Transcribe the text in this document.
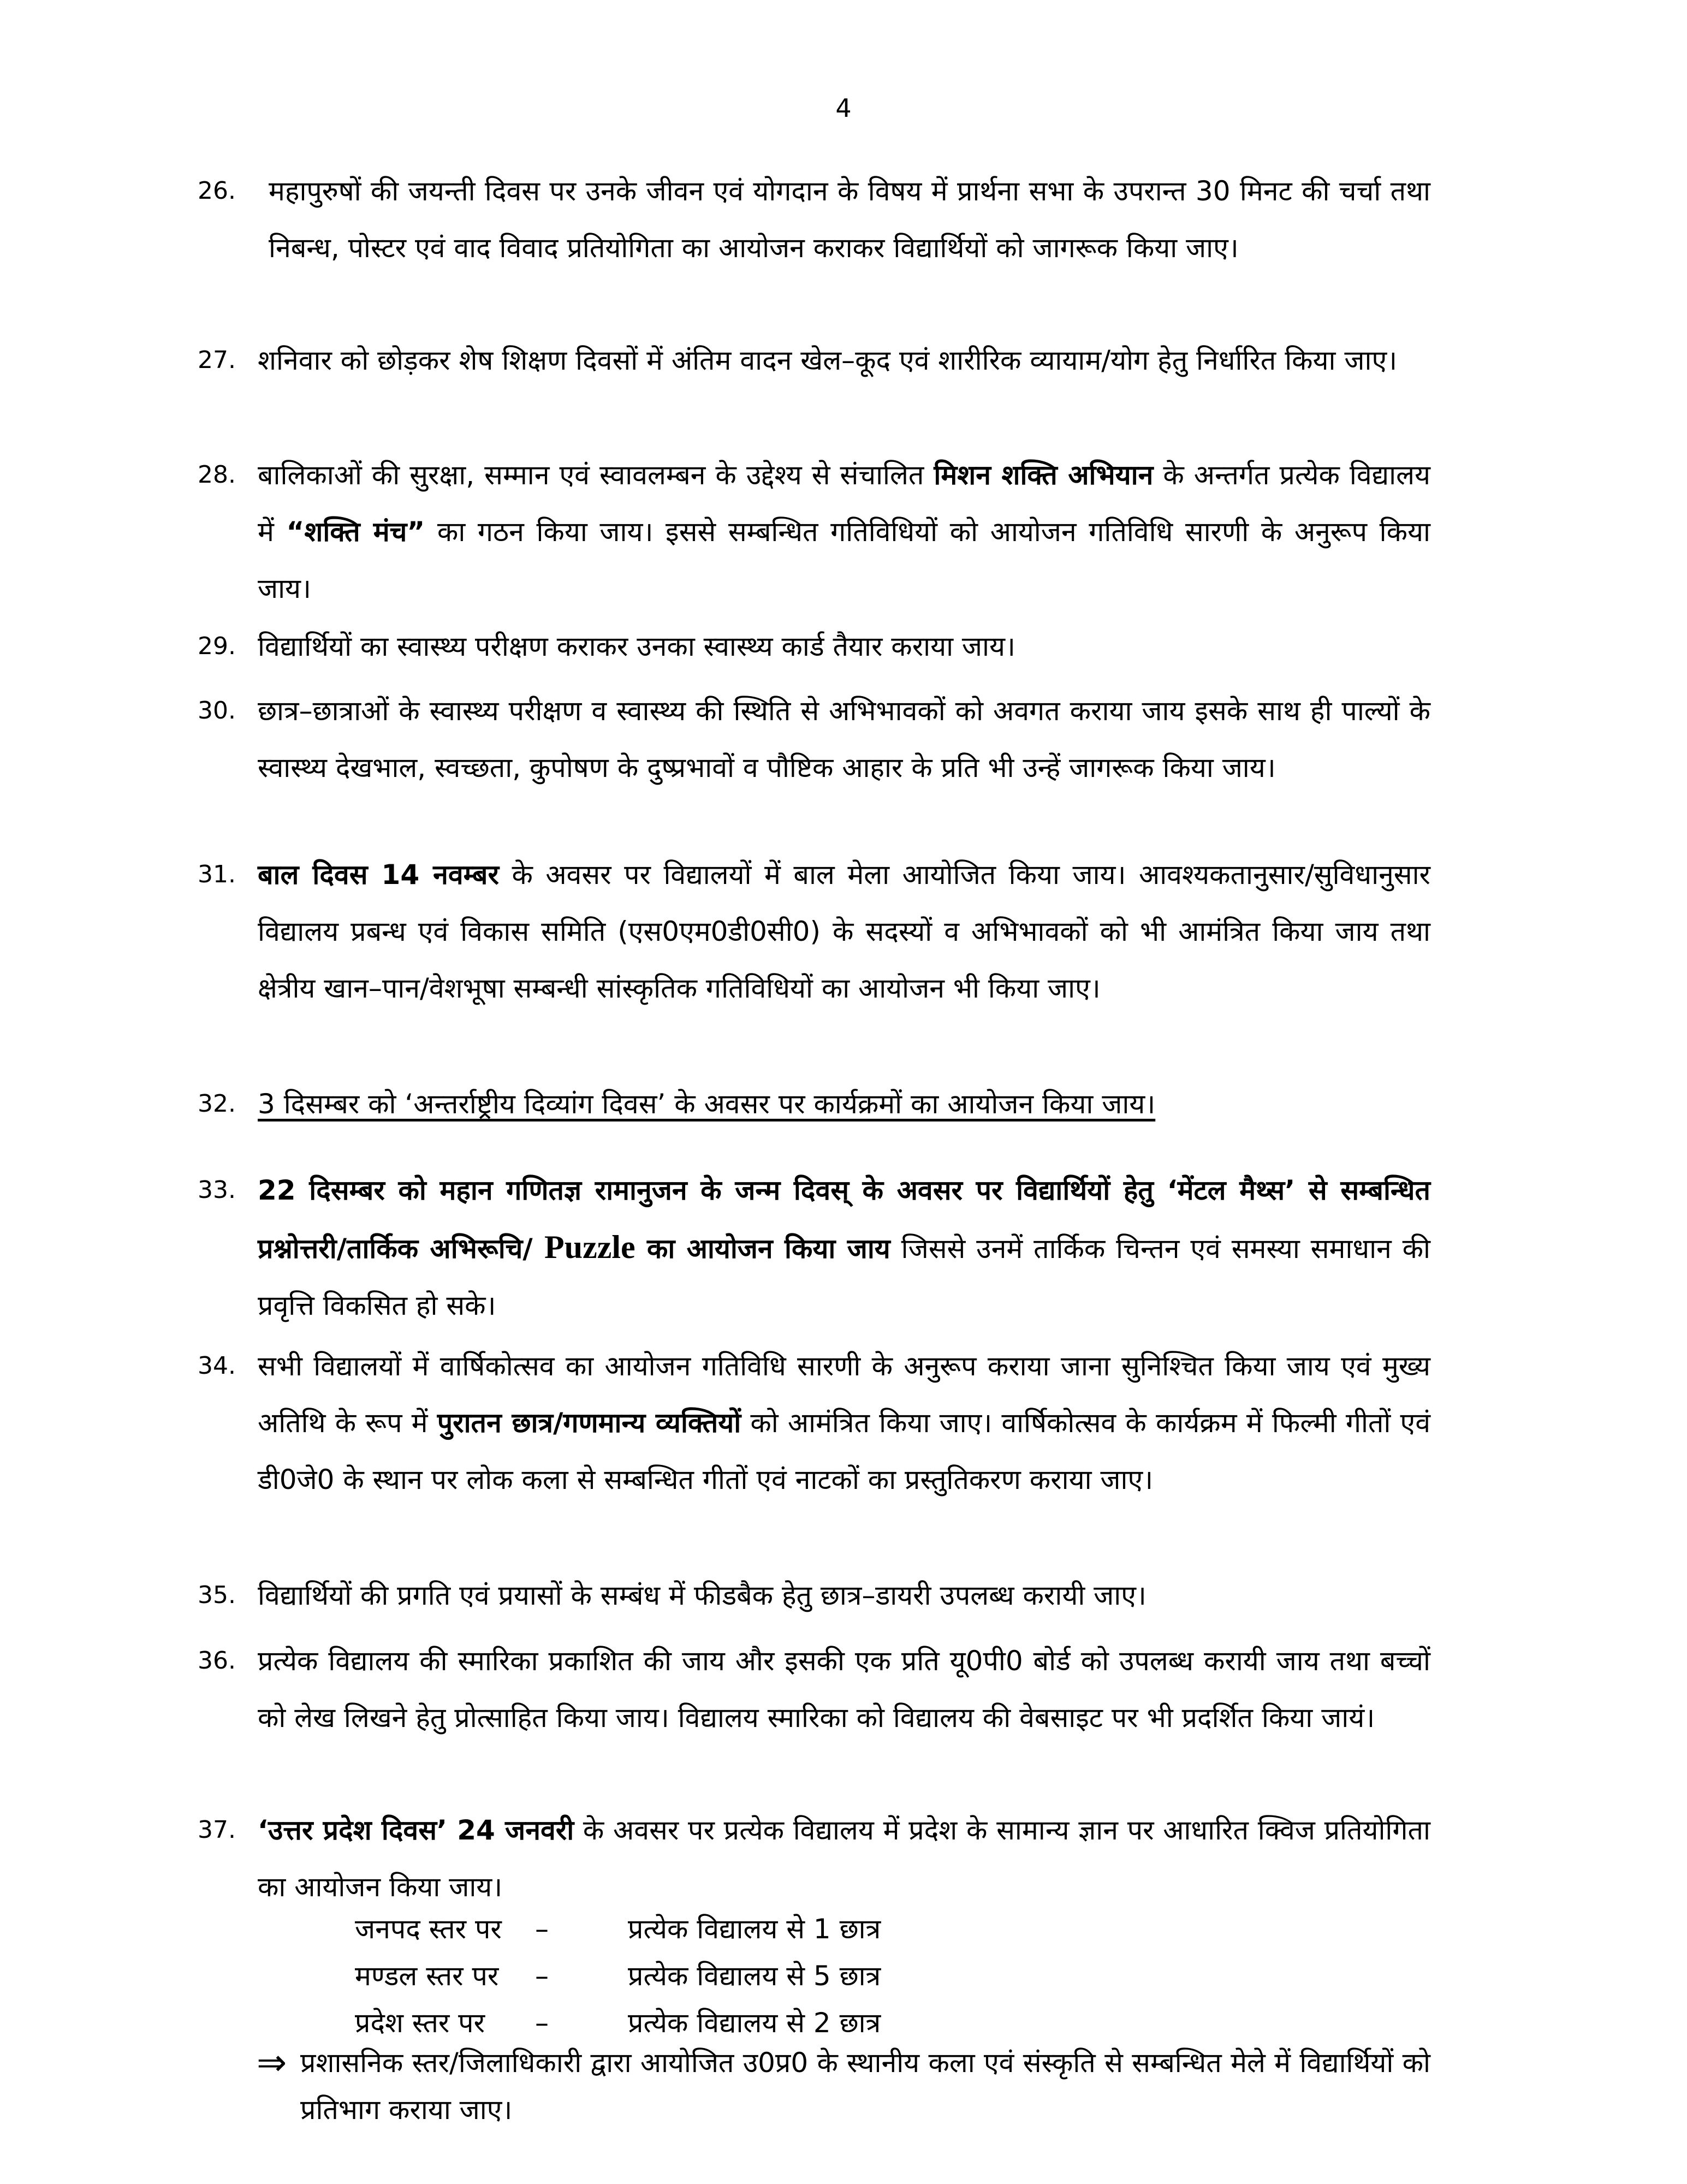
4
26.	महापुरुषों की जयन्ती दिवस पर उनके जीवन एवं योगदान के विषय में प्रार्थना सभा के उपरान्त 30 मिनट की चर्चा तथा निबन्ध, पोस्टर एवं वाद विवाद प्रतियोगिता का आयोजन कराकर विद्यार्थियों को जागरूक किया जाए।
27. शनिवार को छोड़कर शेष शिक्षण दिवसों में अंतिम वादन खेल–कूद एवं शारीरिक व्यायाम/योग हेतु निर्धारित किया जाए।
28. बालिकाओं की सुरक्षा, सम्मान एवं स्वावलम्बन के उद्देश्य से संचालित मिशन शक्ति अभियान के अन्तर्गत प्रत्येक विद्यालय में “शक्ति मंच” का गठन किया जाय। इससे सम्बन्धित गतिविधियों को आयोजन गतिविधि सारणी के अनुरूप किया जाय।
29. विद्यार्थियों का स्वास्थ्य परीक्षण कराकर उनका स्वास्थ्य कार्ड तैयार कराया जाय।
30. छात्र–छात्राओं के स्वास्थ्य परीक्षण व स्वास्थ्य की स्थिति से अभिभावकों को अवगत कराया जाय इसके साथ ही पाल्यों के स्वास्थ्य देखभाल, स्वच्छता, कुपोषण के दुष्प्रभावों व पौष्टिक आहार के प्रति भी उन्हें जागरूक किया जाय।
31. बाल दिवस 14 नवम्बर के अवसर पर विद्यालयों में बाल मेला आयोजित किया जाय। आवश्यकतानुसार/सुविधानुसार विद्यालय प्रबन्ध एवं विकास समिति (एस0एम0डी0सी0) के सदस्यों व अभिभावकों को भी आमंत्रित किया जाय तथा क्षेत्रीय खान–पान/वेशभूषा सम्बन्धी सांस्कृतिक गतिविधियों का आयोजन भी किया जाए।
32. 3 दिसम्बर को ‘अन्तर्राष्ट्रीय दिव्यांग दिवस’ के अवसर पर कार्यक्रमों का आयोजन किया जाय।
33. 22 दिसम्बर को महान गणितज्ञ रामानुजन के जन्म दिवस् के अवसर पर विद्यार्थियों हेतु ‘मेंटल मैथ्स’ से सम्बन्धित प्रश्नोत्तरी/तार्किक अभिरूचि/ Puzzle का आयोजन किया जाय जिससे उनमें तार्किक चिन्तन एवं समस्या समाधान की प्रवृत्ति विकसित हो सके।
34. सभी विद्यालयों में वार्षिकोत्सव का आयोजन गतिविधि सारणी के अनुरूप कराया जाना सुनिश्चित किया जाय एवं मुख्य अतिथि के रूप में पुरातन छात्र/गणमान्य व्यक्तियों को आमंत्रित किया जाए। वार्षिकोत्सव के कार्यक्रम में फिल्मी गीतों एवं डी0जे0 के स्थान पर लोक कला से सम्बन्धित गीतों एवं नाटकों का प्रस्तुतिकरण कराया जाए।
35. विद्यार्थियों की प्रगति एवं प्रयासों के सम्बंध में फीडबैक हेतु छात्र–डायरी उपलब्ध करायी जाए।
36. प्रत्येक विद्यालय की स्मारिका प्रकाशित की जाय और इसकी एक प्रति यू0पी0 बोर्ड को उपलब्ध करायी जाय तथा बच्चों को लेख लिखने हेतु प्रोत्साहित किया जाय। विद्यालय स्मारिका को विद्यालय की वेबसाइट पर भी प्रदर्शित किया जायं।
37. ‘उत्तर प्रदेश दिवस’ 24 जनवरी के अवसर पर प्रत्येक विद्यालय में प्रदेश के सामान्य ज्ञान पर आधारित क्विज प्रतियोगिता का आयोजन किया जाय।
जनपद स्तर पर –	प्रत्येक विद्यालय से 1 छात्र
मण्डल स्तर पर –	प्रत्येक विद्यालय से 5 छात्र
प्रदेश स्तर पर –	प्रत्येक विद्यालय से 2 छात्र
⇒ प्रशासनिक स्तर/जिलाधिकारी द्वारा आयोजित उ0प्र0 के स्थानीय कला एवं संस्कृति से सम्बन्धित मेले में विद्यार्थियों को प्रतिभाग कराया जाए।
